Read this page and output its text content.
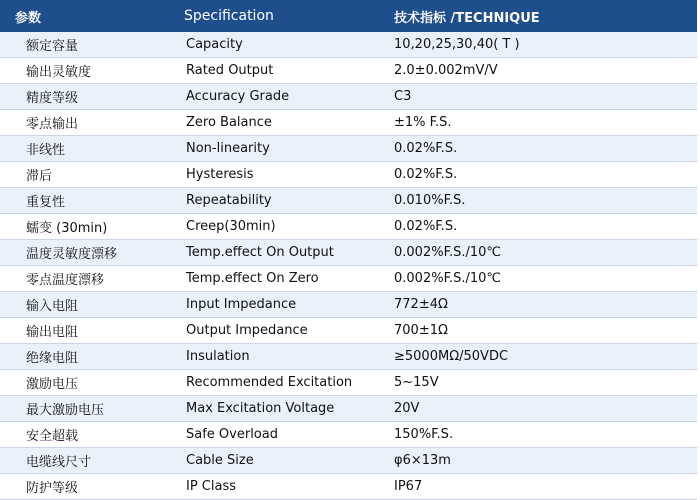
参数	Specification	技术指标 /TECHNIQUE
额定容量	Capacity	10,20,25,30,40( T )
输出灵敏度	Rated Output	2.0±0.002mV/V
精度等级	Accuracy Grade	C3
零点输出	Zero Balance	±1% F.S.
非线性	Non-linearity	0.02%F.S.
滞后	Hysteresis	0.02%F.S.
重复性	Repeatability	0.010%F.S.
蠕变 (30min)	Creep(30min)	0.02%F.S.
温度灵敏度漂移	Temp.effect On Output	0.002%F.S./10℃
零点温度漂移	Temp.effect On Zero	0.002%F.S./10℃
输入电阻	Input Impedance	772±4Ω
输出电阻	Output Impedance	700±1Ω
绝缘电阻	Insulation	≥5000MΩ/50VDC
激励电压	Recommended Excitation	5~15V
最大激励电压	Max Excitation Voltage	20V
安全超载	Safe Overload	150%F.S.
电缆线尺寸	Cable Size	φ6×13m
防护等级	IP Class	IP67
